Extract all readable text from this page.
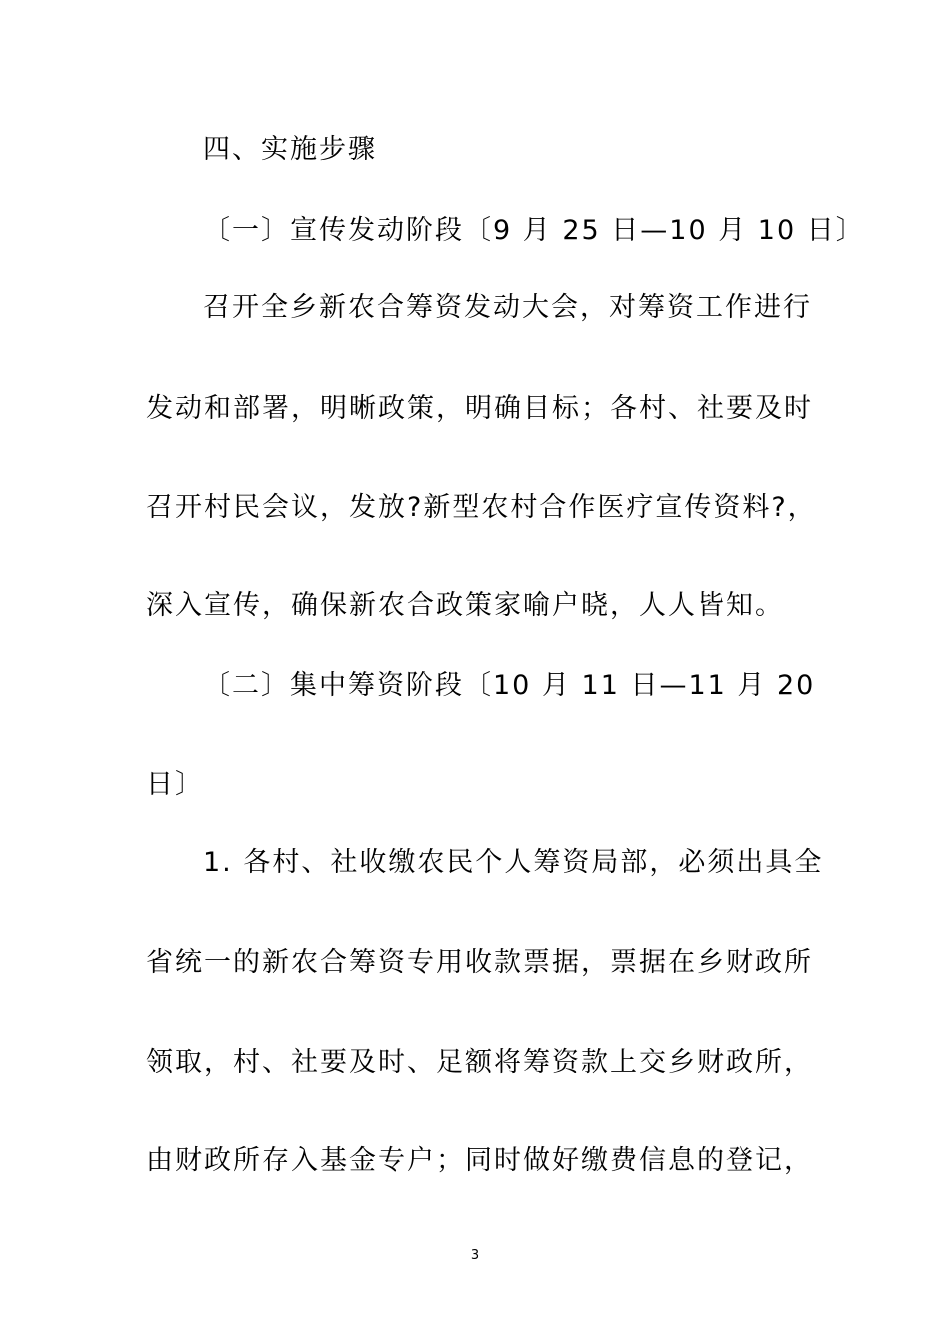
四、实施步骤
〔一〕宣传发动阶段〔9 月 25 日—10 月 10 日〕
召开全乡新农合筹资发动大会，对筹资工作进行
发动和部署，明晰政策，明确目标；各村、社要及时
召开村民会议，发放?新型农村合作医疗宣传资料?，
深入宣传，确保新农合政策家喻户晓，人人皆知。
〔二〕集中筹资阶段〔10 月 11 日—11 月 20
日〕
1. 各村、社收缴农民个人筹资局部，必须出具全
省统一的新农合筹资专用收款票据，票据在乡财政所
领取，村、社要及时、足额将筹资款上交乡财政所，
由财政所存入基金专户；同时做好缴费信息的登记，
3
